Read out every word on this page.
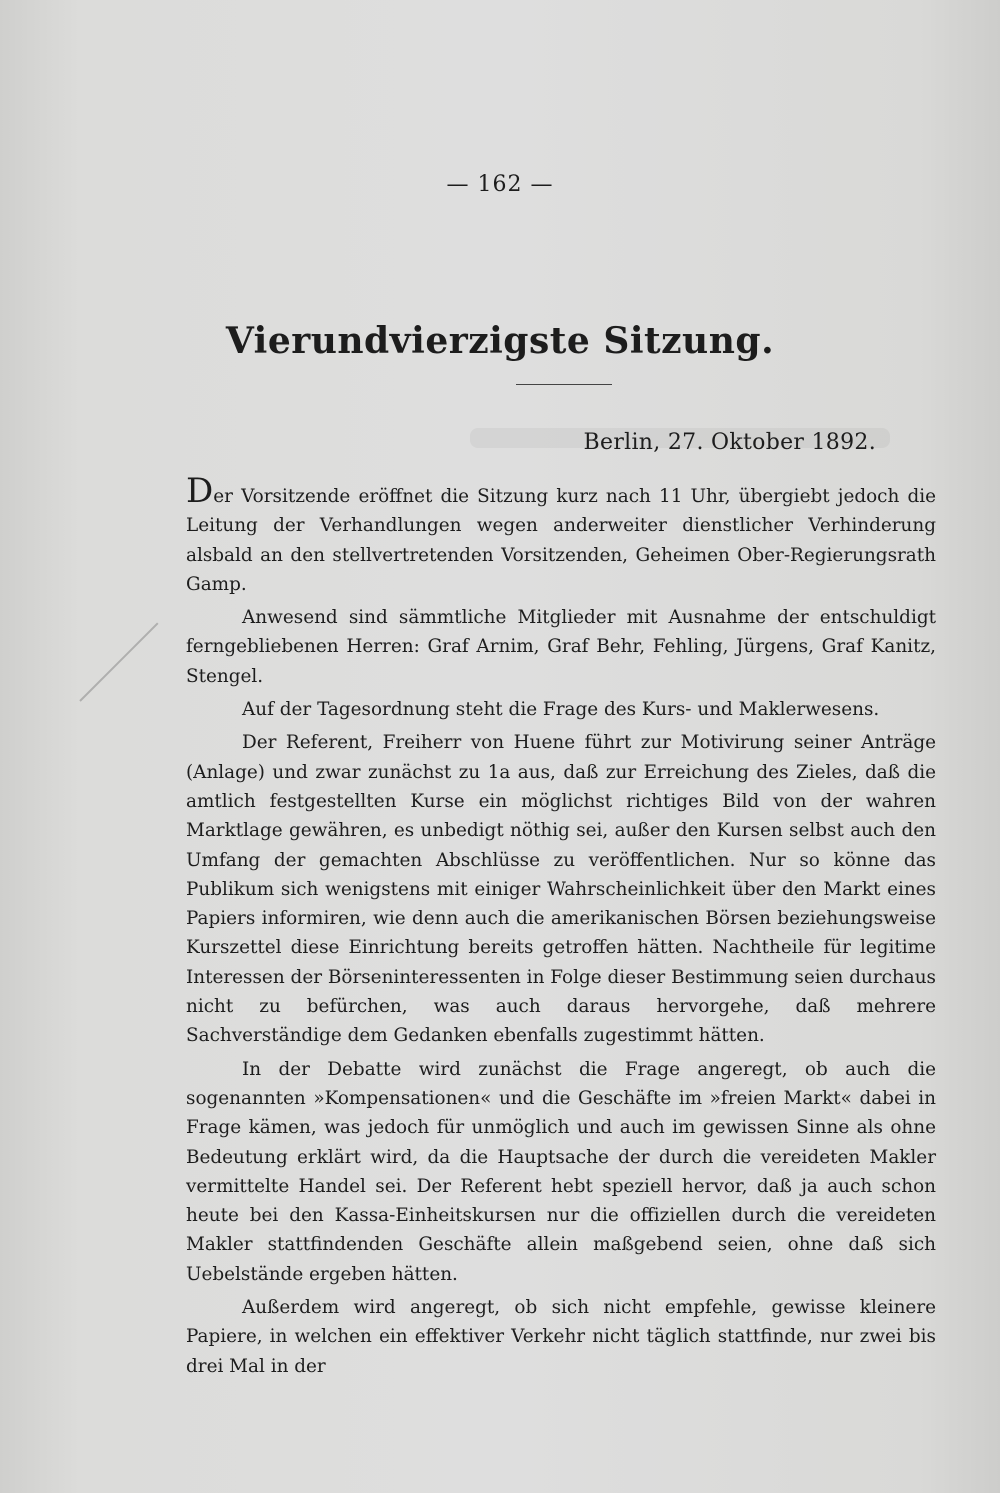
— 162 —
Vierundvierzigste Sitzung.
Berlin, 27. Oktober 1892.

Der Vorsitzende eröffnet die Sitzung kurz nach 11 Uhr, übergiebt jedoch die Leitung der Verhandlungen wegen anderweiter dienstlicher Verhinderung alsbald an den stellvertretenden Vorsitzenden, Geheimen Ober-Regierungsrath Gamp.

Anwesend sind sämmtliche Mitglieder mit Ausnahme der entschuldigt ferngebliebenen Herren: Graf Arnim, Graf Behr, Fehling, Jürgens, Graf Kanitz, Stengel.

Auf der Tagesordnung steht die Frage des Kurs- und Maklerwesens.

Der Referent, Freiherr von Huene führt zur Motivirung seiner Anträge (Anlage) und zwar zunächst zu 1a aus, daß zur Erreichung des Zieles, daß die amtlich festgestellten Kurse ein möglichst richtiges Bild von der wahren Marktlage gewähren, es unbedigt nöthig sei, außer den Kursen selbst auch den Umfang der gemachten Abschlüsse zu veröffentlichen. Nur so könne das Publikum sich wenigstens mit einiger Wahrscheinlichkeit über den Markt eines Papiers informiren, wie denn auch die amerikanischen Börsen beziehungsweise Kurszettel diese Einrichtung bereits getroffen hätten. Nachtheile für legitime Interessen der Börseninteressenten in Folge dieser Bestimmung seien durchaus nicht zu befürchen, was auch daraus hervorgehe, daß mehrere Sachverständige dem Gedanken ebenfalls zugestimmt hätten.

In der Debatte wird zunächst die Frage angeregt, ob auch die sogenannten »Kompensationen« und die Geschäfte im »freien Markt« dabei in Frage kämen, was jedoch für unmöglich und auch im gewissen Sinne als ohne Bedeutung erklärt wird, da die Hauptsache der durch die vereideten Makler vermittelte Handel sei. Der Referent hebt speziell hervor, daß ja auch schon heute bei den Kassa-Einheitskursen nur die offiziellen durch die vereideten Makler stattfindenden Geschäfte allein maßgebend seien, ohne daß sich Uebelstände ergeben hätten.

Außerdem wird angeregt, ob sich nicht empfehle, gewisse kleinere Papiere, in welchen ein effektiver Verkehr nicht täglich stattfinde, nur zwei bis drei Mal in der
